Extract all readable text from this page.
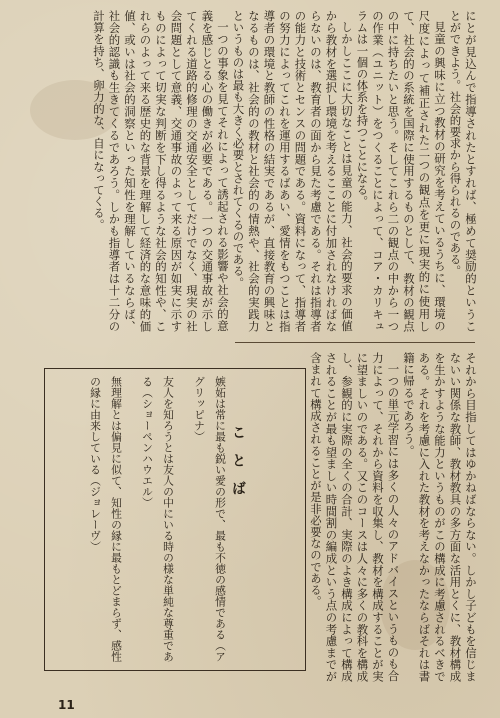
にとが見込んで指導されたとすれば、極めて奨励的ということができよう。社会的要求から得られるのである。

見童の興味に立つ教材の研究を考えているうちに、環境の尺度によって補正された二つの観点を更に現実的に使用して、社会的の系統を国際に使用するものとして、教材の観点の中に持ちたいと思う。そしてこれら二の観点の中から一つの作業（ユニット）をつくることによって、コア・カリキュラムは一個の体系を持つことになる。

しかしここに大切なことは見童の能力、社会的要求の価値から教材を選択し環境を考えるこことに付加されなければならないのは、教育者の面から見た考慮である。それは指導者の能力と技術とセンスの問題である。資料になって、指導者の努力によってこれを運用するばあい、愛情をもつことは指導者の環境と教師の性格の結実であるが、直接教育の興味となるものは、社会的の教材と社会的の情熱や、社会的実践力というものは最も大きく必要とされてくるのである。

一つの事象を見てそれによって誘起される影響や社会的意義を感じとる心の働きが必要である。一つの交通事故が示してくれる道路的修理の交通安全としてだけでなく、現実の社会問題として意義、交通事故のよって来る原因が如実に示すものによって切実な判断を下し得るような社会的知性や、これらのよって来る歴史的な背景を理解して経済的な意味的価値、或いは社会的洞察といった知性を理解しているならば、社会的認識も生きてくるであろう。しかも指導者は十二分の計算を持ち、卵力的な、自になってくる。

それから目指してはゆかねばならない。しかし子どもを信じまないい関係な教師、教材教具の多方面な活用とくに、教材構成を生かすような能力というものがこの構成に考慮されるべきである。それを考慮に入れた教材を考えなかったならばそれは書籍に帰るであろう。

一つの単元学習には多くの人々のアドバイスというものも合力によって、それから資料を収集し、教材を構成することが実に望ましいのである。又このコースは人々に多くの教科を構成し、参観的に実際の全くの合計、実際のよき構成によって構成されることが最も望ましい時間割の編成という点の考慮までが含まれて構成されることが是非必要なのである。

ことば

嫉妬は常に最も鋭い愛の形で、最も不徳の感情である（アグリッピナ）

友人を知ろうとは友人の中にいる時の様な単純な尊重である（ショーペンハウエル）

無理解とは偏見に似て、知性の縁に最もとどまらず、感性の縁に由来している（ジョレーヴ）

11
